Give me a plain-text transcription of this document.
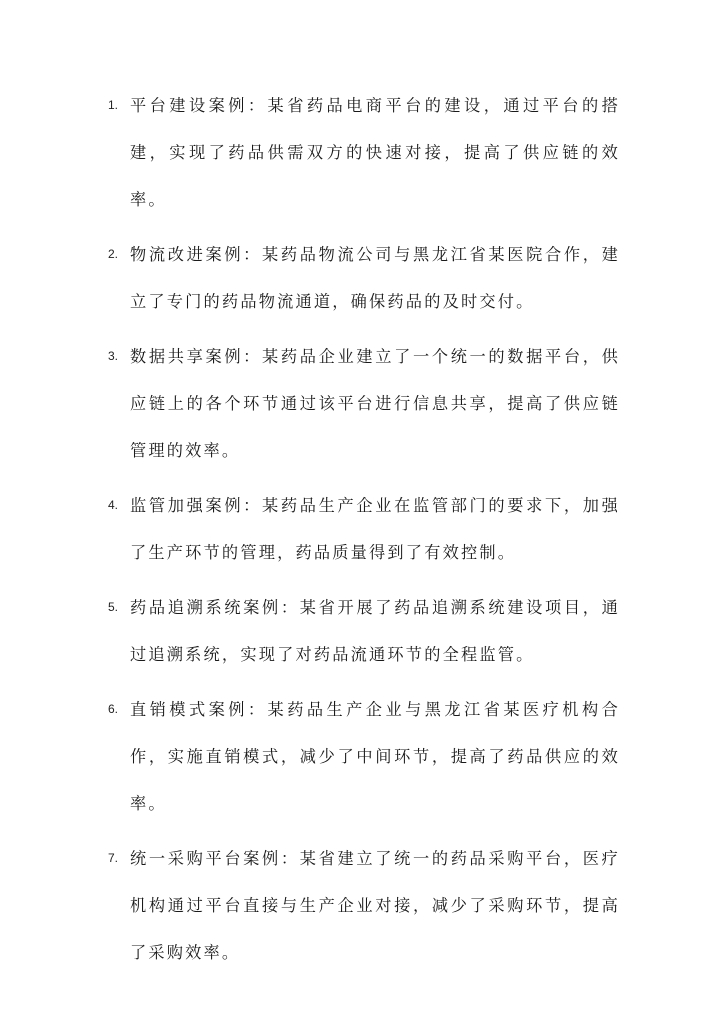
1. 平台建设案例：某省药品电商平台的建设，通过平台的搭建，实现了药品供需双方的快速对接，提高了供应链的效率。
2. 物流改进案例：某药品物流公司与黑龙江省某医院合作，建立了专门的药品物流通道，确保药品的及时交付。
3. 数据共享案例：某药品企业建立了一个统一的数据平台，供应链上的各个环节通过该平台进行信息共享，提高了供应链管理的效率。
4. 监管加强案例：某药品生产企业在监管部门的要求下，加强了生产环节的管理，药品质量得到了有效控制。
5. 药品追溯系统案例：某省开展了药品追溯系统建设项目，通过追溯系统，实现了对药品流通环节的全程监管。
6. 直销模式案例：某药品生产企业与黑龙江省某医疗机构合作，实施直销模式，减少了中间环节，提高了药品供应的效率。
7. 统一采购平台案例：某省建立了统一的药品采购平台，医疗机构通过平台直接与生产企业对接，减少了采购环节，提高了采购效率。
